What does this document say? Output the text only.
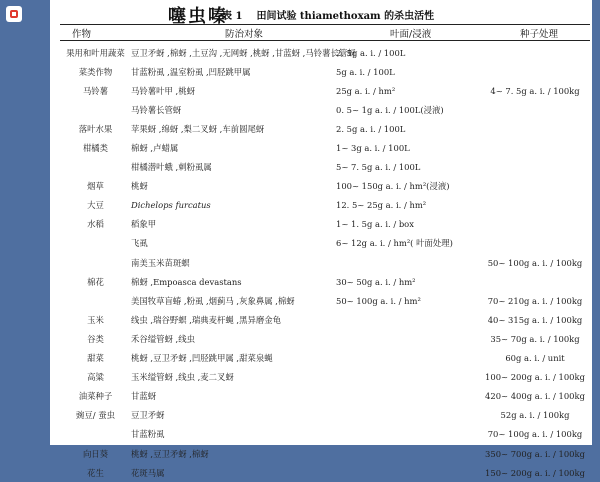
噻虫嗪
表 1 田间试验 thiamethoxam 的杀虫活性
作物	防治对象	叶面/浸液	种子处理
果用和叶用蔬菜	豆卫矛蚜 ,棉蚜 ,土豆沟 ,无网蚜 ,桃蚜 ,甘蓝蚜 ,马铃薯长管蚜	2. 5g a. i. / 100L	
菜类作物	甘蓝粉虱 ,温室粉虱 ,凹胫跳甲属	5g a. i. / 100L	
马铃薯	马铃薯叶甲 ,桃蚜	25g a. i. / hm²	4~ 7. 5g a. i. / 100kg
	马铃薯长管蚜	0. 5~ 1g a. i. / 100L(浸液)	
落叶水果	苹果蚜 ,绵蚜 ,梨二叉蚜 ,车前圆尾蚜	2. 5g a. i. / 100L	
柑橘类	棉蚜 ,卢蜡属	1~ 3g a. i. / 100L	
	柑橘潜叶蛾 ,刺粉虱属	5~ 7. 5g a. i. / 100L	
烟草	桃蚜	100~ 150g a. i. / hm²(浸液)	
大豆	Dichelops furcatus	12. 5~ 25g a. i. / hm²	
水稻	稻象甲	1~ 1. 5g a. i. / box	
	飞虱	6~ 12g a. i. / hm²( 叶面处理)	
	南美玉米苗斑螟		50~ 100g a. i. / 100kg
棉花	棉蚜 ,Empoasca devastans	30~ 50g a. i. / hm²	
	美国牧草盲蝽 ,粉虱 ,烟蓟马 ,灰象鼻属 ,棉蚜	50~ 100g a. i. / hm²	70~ 210g a. i. / 100kg
玉米	线虫 ,瑞谷野螟 ,瑞典麦杆蝇 ,黑异磨金龟		40~ 315g a. i. / 100kg
谷类	禾谷缢管蚜 ,线虫		35~ 70g a. i. / 100kg
甜菜	桃蚜 ,豆卫矛蚜 ,凹胫跳甲属 ,甜菜泉蝇		60g a. i. / unit
高粱	玉米缢管蚜 ,线虫 ,麦二叉蚜		100~ 200g a. i. / 100kg
油菜种子	甘蓝蚜		420~ 400g a. i. / 100kg
豌豆/ 蚕虫	豆卫矛蚜		52g a. i. / 100kg
	甘蓝粉虱		70~ 100g a. i. / 100kg
向日葵	桃蚜 ,豆卫矛蚜 ,棉蚜		350~ 700g a. i. / 100kg
花生	花斑马属		150~ 200g a. i. / 100kg
